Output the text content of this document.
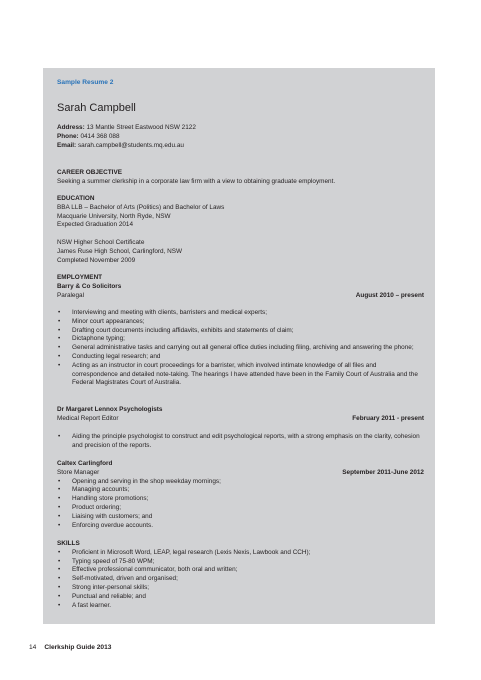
Sample Resume 2
Sarah Campbell
Address: 13 Mantle Street Eastwood NSW 2122
Phone: 0414 368 088
Email: sarah.campbell@students.mq.edu.au
CAREER OBJECTIVE
Seeking a summer clerkship in a corporate law firm with a view to obtaining graduate employment.
EDUCATION
BBA LLB – Bachelor of Arts (Politics) and Bachelor of Laws
Macquarie University, North Ryde, NSW
Expected Graduation 2014
NSW Higher School Certificate
James Ruse High School, Carlingford, NSW
Completed November 2009
EMPLOYMENT
Barry & Co Solicitors
Paralegal	August 2010 – present
• Interviewing and meeting with clients, barristers and medical experts;
• Minor court appearances;
• Drafting court documents including affidavits, exhibits and statements of claim;
• Dictaphone typing;
• General administrative tasks and carrying out all general office duties including filing, archiving and answering the phone;
• Conducting legal research; and
• Acting as an instructor in court proceedings for a barrister, which involved intimate knowledge of all files and correspondence and detailed note-taking. The hearings I have attended have been in the Family Court of Australia and the Federal Magistrates Court of Australia.
Dr Margaret Lennox Psychologists
Medical Report Editor	February 2011 - present
• Aiding the principle psychologist to construct and edit psychological reports, with a strong emphasis on the clarity, cohesion and precision of the reports.
Caltex Carlingford
Store Manager	September 2011-June 2012
• Opening and serving in the shop weekday mornings;
• Managing accounts;
• Handling store promotions;
• Product ordering;
• Liaising with customers; and
• Enforcing overdue accounts.
SKILLS
• Proficient in Microsoft Word, LEAP, legal research (Lexis Nexis, Lawbook and CCH);
• Typing speed of 75-80 WPM;
• Effective professional communicator, both oral and written;
• Self-motivated, driven and organised;
• Strong inter-personal skills;
• Punctual and reliable; and
• A fast learner.
14 Clerkship Guide 2013
